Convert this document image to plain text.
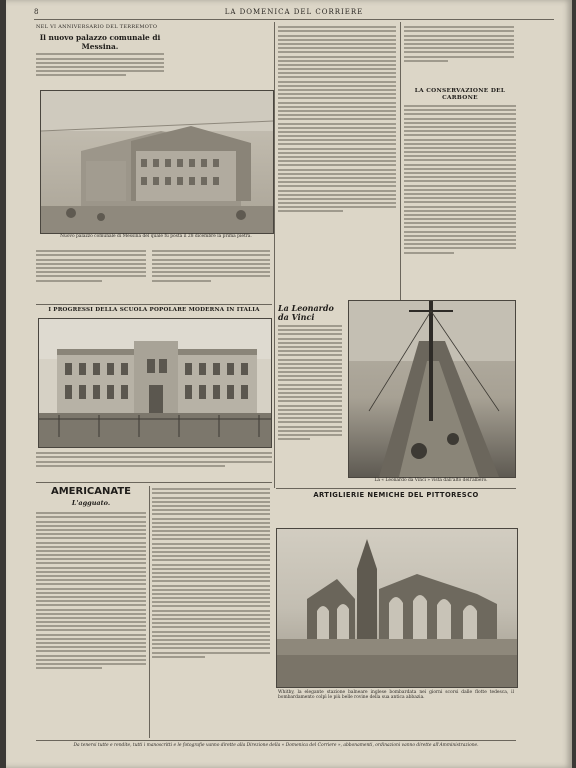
8	LA DOMENICA DEL CORRIERE
NEL VI ANNIVERSARIO DEL TERREMOTO
Il nuovo palazzo comunale di Messina.
Nuovo palazzo comunale di Messina del quale fu posta il 28 dicembre la prima pietra.
LA CONSERVAZIONE DEL CARBONE
I PROGRESSI DELLA SCUOLA POPOLARE MODERNA IN ITALIA
AMERICANATE
L'agguato.
La Leonardo da Vinci
La « Leonardo da Vinci » vista dall'alto dell'albero.
ARTIGLIERIE NEMICHE DEL PITTORESCO
Whitby, la elegante stazione balneare inglese bombardata nei giorni scorsi dalle flotte tedesca, il bombardamento colpì le più belle rovine della sua antica abbazia.
Da tenersi tutte e rendite, tutti i manoscritti e le fotografie vanno dirette alla Direzione della « Domenica del Corriere », abbonamenti, ordinazioni vanno dirette all'Amministrazione.
